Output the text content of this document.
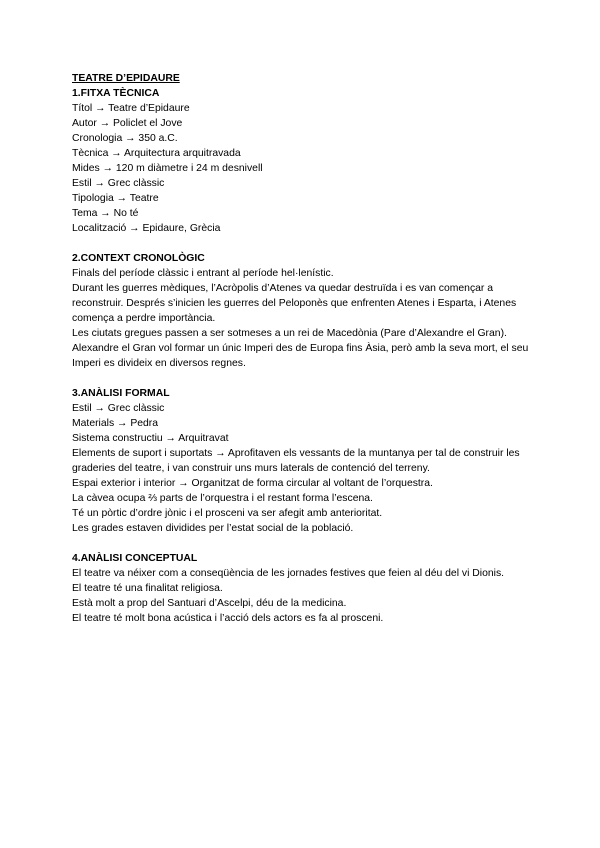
TEATRE D’EPIDAURE

1.FITXA TÈCNICA

Títol → Teatre d’Epidaure

Autor → Policlet el Jove

Cronologia → 350 a.C.

Tècnica → Arquitectura arquitravada

Mides → 120 m diàmetre i 24 m desnivell

Estil → Grec clàssic

Tipologia → Teatre

Tema → No té

Localització → Epidaure, Grècia

2.CONTEXT CRONOLÒGIC

Finals del període clàssic i entrant al període hel·lenístic.

Durant les guerres mèdiques, l’Acròpolis d’Atenes va quedar destruïda i es van començar a reconstruir. Després s’inicien les guerres del Peloponès que enfrenten Atenes i Esparta, i Atenes comença a perdre importància.

Les ciutats gregues passen a ser sotmeses a un rei de Macedònia (Pare d’Alexandre el Gran).

Alexandre el Gran vol formar un únic Imperi des de Europa fins Àsia, però amb la seva mort, el seu Imperi es divideix en diversos regnes.

3.ANÀLISI FORMAL

Estil → Grec clàssic

Materials → Pedra

Sistema constructiu → Arquitravat

Elements de suport i suportats → Aprofitaven els vessants de la muntanya per tal de construir les graderies del teatre, i van construir uns murs laterals de contenció del terreny.

Espai exterior i interior → Organitzat de forma circular al voltant de l’orquestra.

La càvea ocupa ⅔ parts de l’orquestra i el restant forma l’escena.

Té un pòrtic d’ordre jònic i el prosceni va ser afegit amb anterioritat.

Les grades estaven dividides per l’estat social de la població.

4.ANÀLISI CONCEPTUAL

El teatre va néixer com a conseqüència de les jornades festives que feien al déu del vi Dionis.

El teatre té una finalitat religiosa.

Està molt a prop del Santuari d’Ascelpi, déu de la medicina.

El teatre té molt bona acústica i l’acció dels actors es fa al prosceni.
